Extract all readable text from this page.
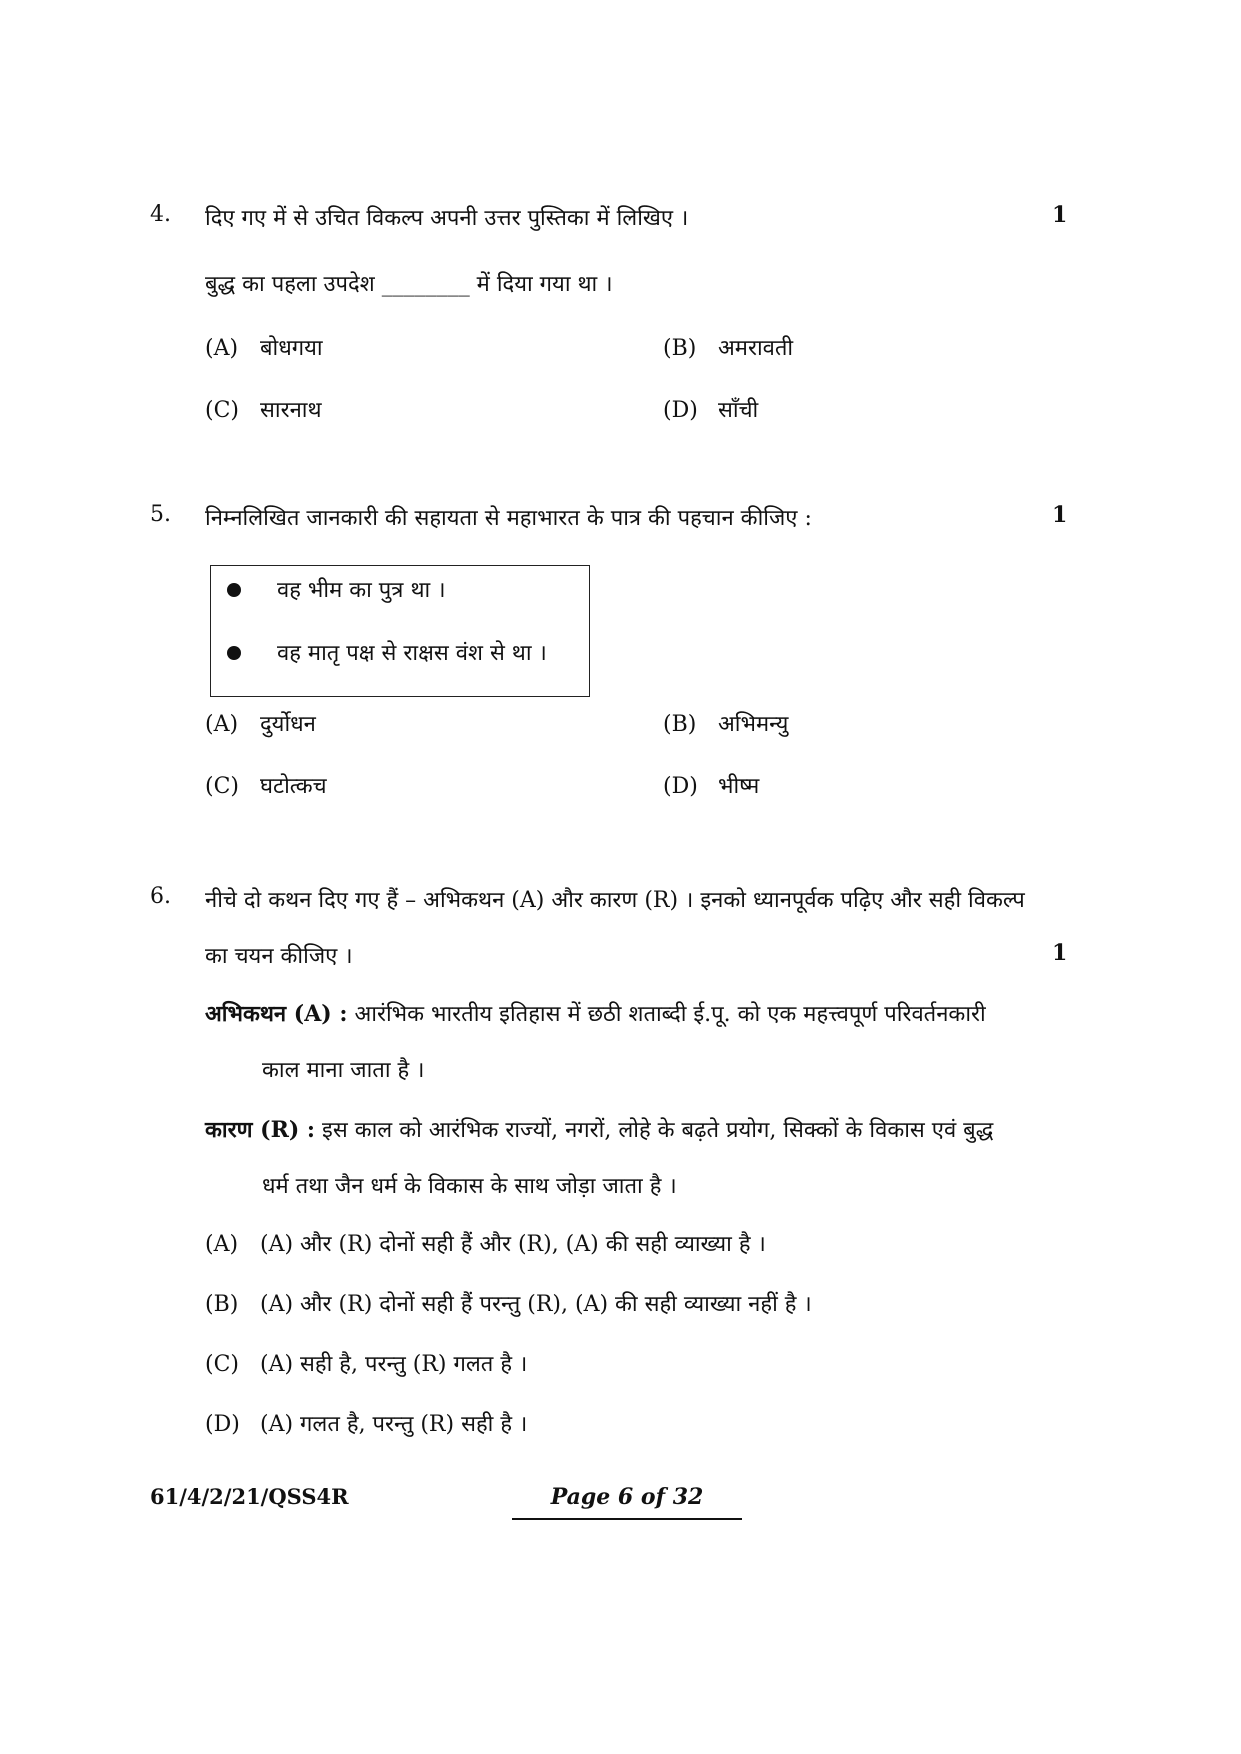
4. दिए गए में से उचित विकल्प अपनी उत्तर पुस्तिका में लिखिए ।	1
बुद्ध का पहला उपदेश ________ में दिया गया था ।
(A) बोधगया	(B) अमरावती
(C) सारनाथ	(D) साँची
5. निम्नलिखित जानकारी की सहायता से महाभारत के पात्र की पहचान कीजिए :	1
वह भीम का पुत्र था ।
वह मातृ पक्ष से राक्षस वंश से था ।
(A) दुर्योधन	(B) अभिमन्यु
(C) घटोत्कच	(D) भीष्म
6. नीचे दो कथन दिए गए हैं – अभिकथन (A) और कारण (R) । इनको ध्यानपूर्वक पढ़िए और सही विकल्प
का चयन कीजिए ।	1
अभिकथन (A) : आरंभिक भारतीय इतिहास में छठी शताब्दी ई.पू. को एक महत्त्वपूर्ण परिवर्तनकारी
काल माना जाता है ।
कारण (R) : इस काल को आरंभिक राज्यों, नगरों, लोहे के बढ़ते प्रयोग, सिक्कों के विकास एवं बुद्ध
धर्म तथा जैन धर्म के विकास के साथ जोड़ा जाता है ।
(A) (A) और (R) दोनों सही हैं और (R), (A) की सही व्याख्या है ।
(B) (A) और (R) दोनों सही हैं परन्तु (R), (A) की सही व्याख्या नहीं है ।
(C) (A) सही है, परन्तु (R) गलत है ।
(D) (A) गलत है, परन्तु (R) सही है ।
61/4/2/21/QSS4R	Page 6 of 32
